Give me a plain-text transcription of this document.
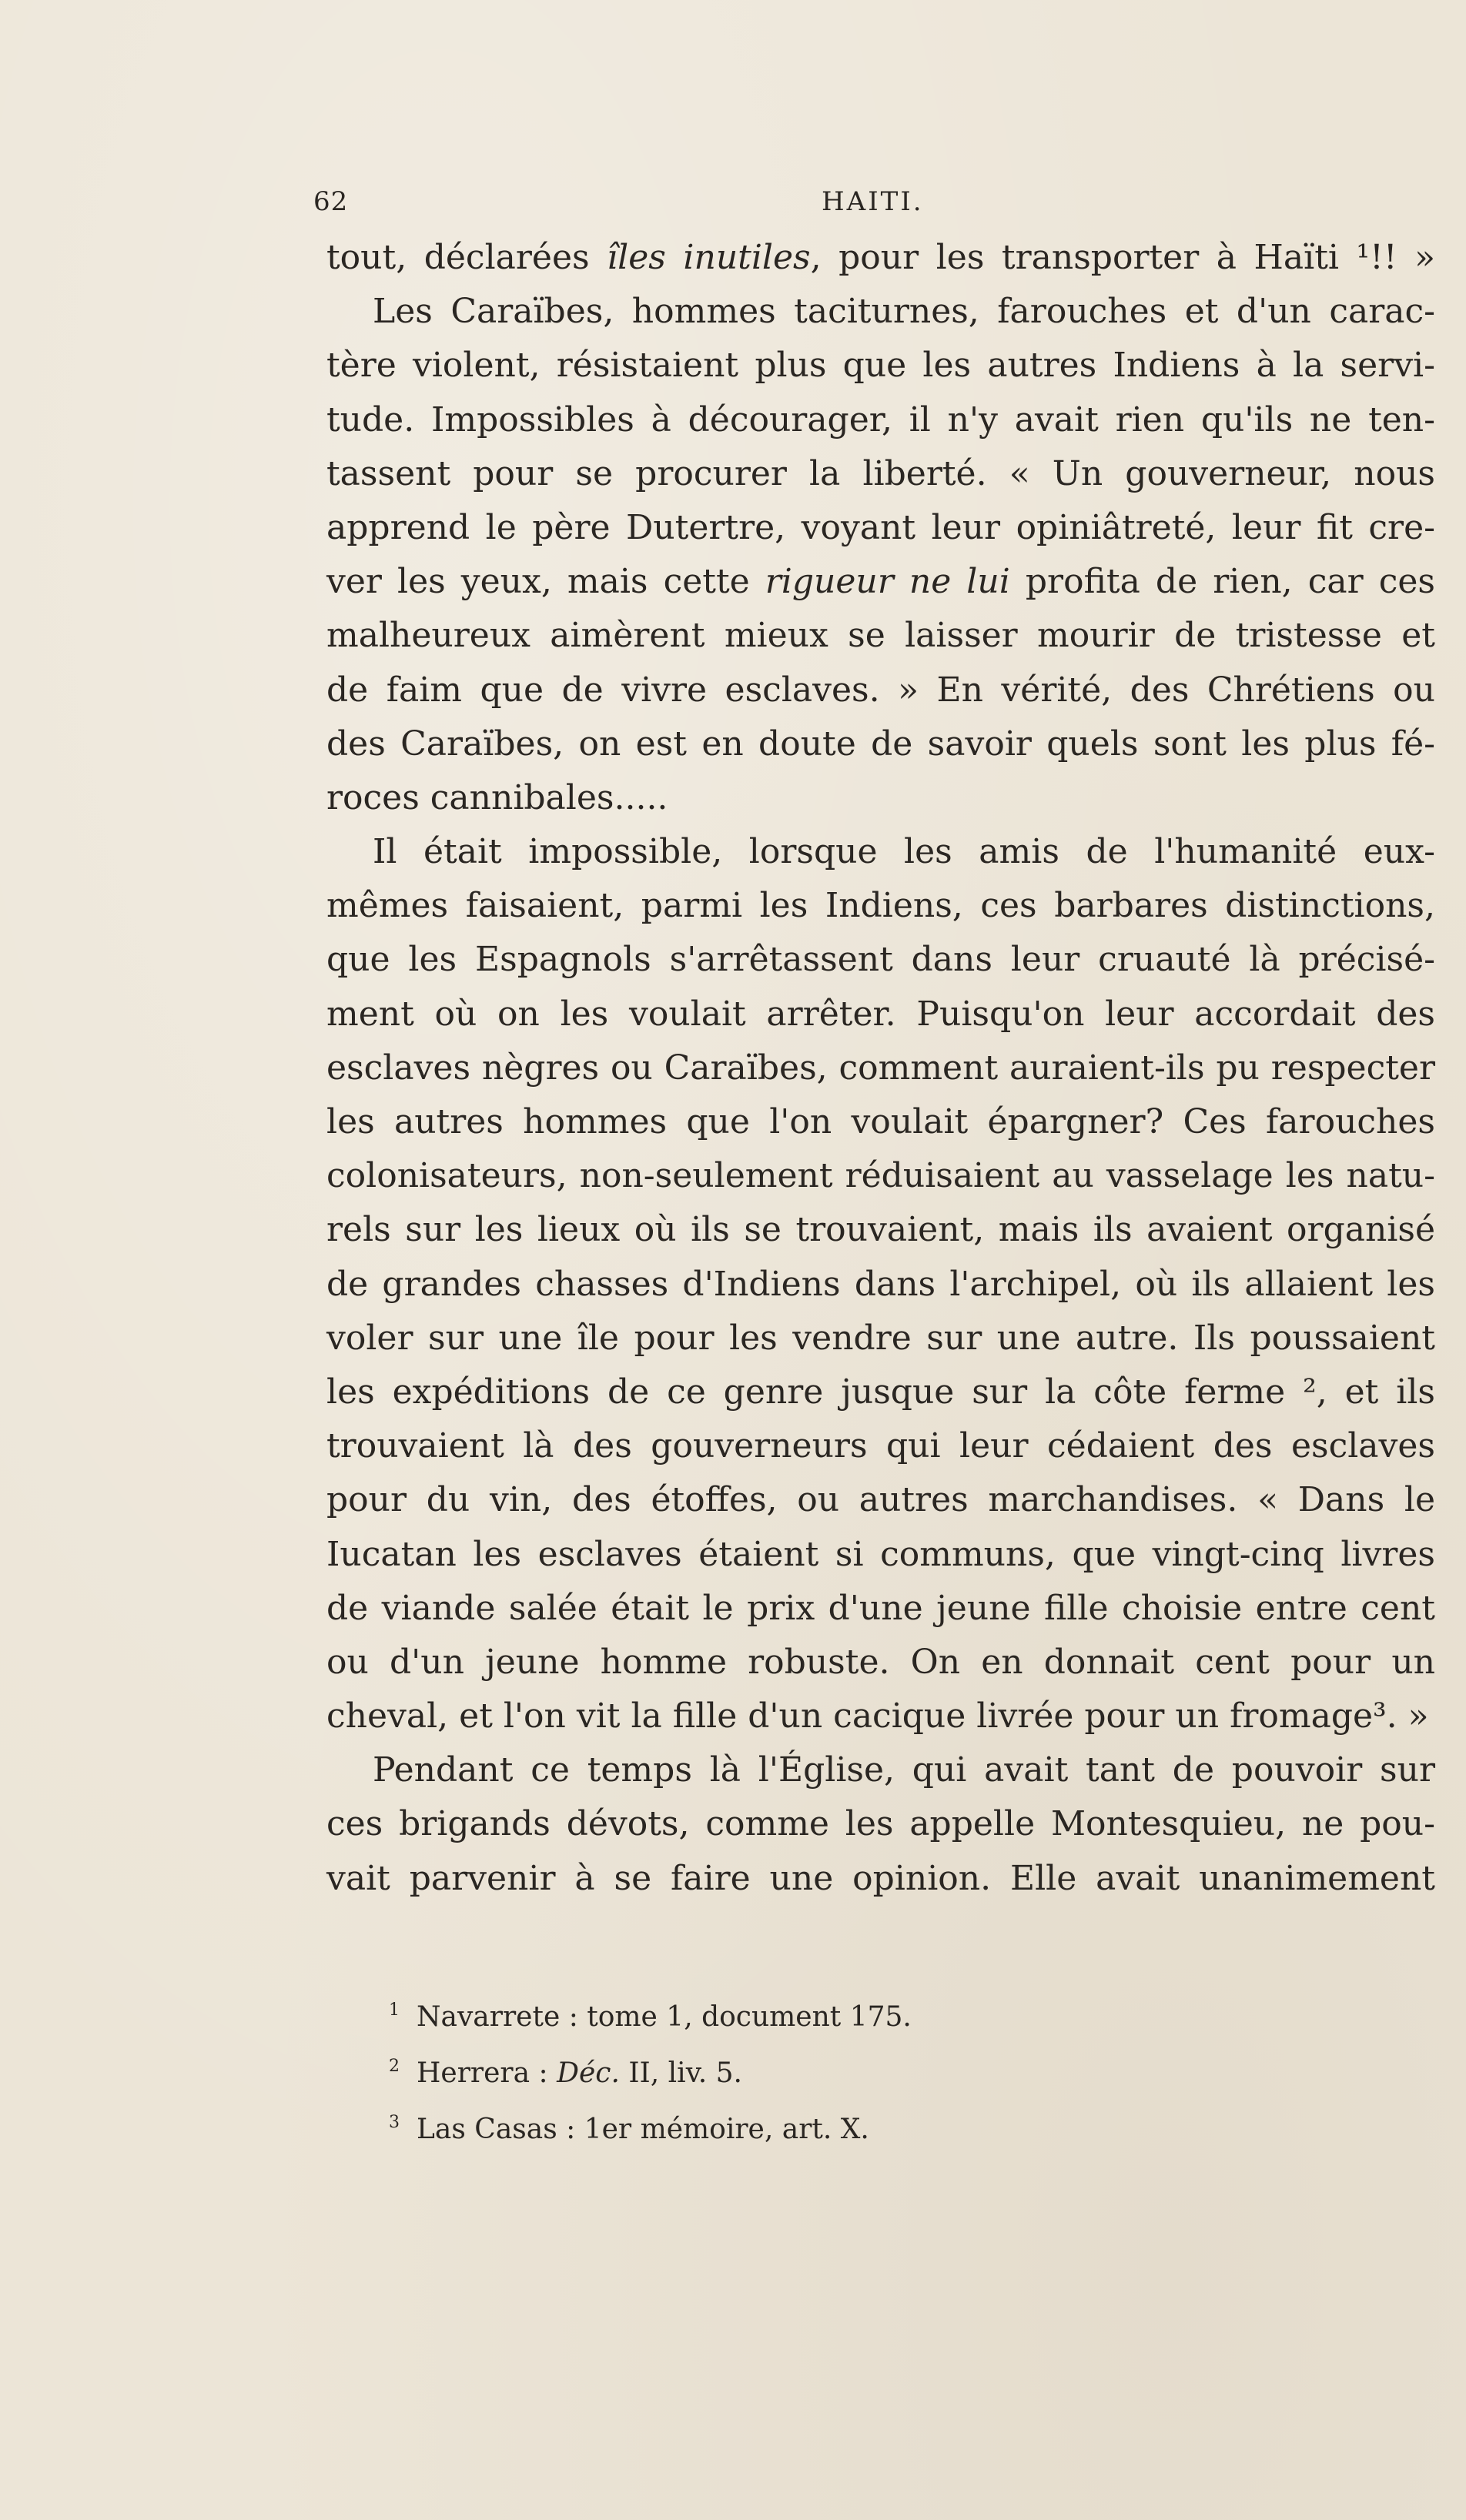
62	HAITI.
tout, déclarées îles inutiles, pour les transporter à Haïti ¹!! »
Les Caraïbes, hommes taciturnes, farouches et d'un carac-
tère violent, résistaient plus que les autres Indiens à la servi-
tude. Impossibles à décourager, il n'y avait rien qu'ils ne ten-
tassent pour se procurer la liberté. « Un gouverneur, nous
apprend le père Dutertre, voyant leur opiniâtreté, leur fit cre-
ver les yeux, mais cette rigueur ne lui profita de rien, car ces
malheureux aimèrent mieux se laisser mourir de tristesse et
de faim que de vivre esclaves. » En vérité, des Chrétiens ou
des Caraïbes, on est en doute de savoir quels sont les plus fé-
roces cannibales.....
Il était impossible, lorsque les amis de l'humanité eux-
mêmes faisaient, parmi les Indiens, ces barbares distinctions,
que les Espagnols s'arrêtassent dans leur cruauté là précisé-
ment où on les voulait arrêter. Puisqu'on leur accordait des
esclaves nègres ou Caraïbes, comment auraient-ils pu respecter
les autres hommes que l'on voulait épargner? Ces farouches
colonisateurs, non-seulement réduisaient au vasselage les natu-
rels sur les lieux où ils se trouvaient, mais ils avaient organisé
de grandes chasses d'Indiens dans l'archipel, où ils allaient les
voler sur une île pour les vendre sur une autre. Ils poussaient
les expéditions de ce genre jusque sur la côte ferme ², et ils
trouvaient là des gouverneurs qui leur cédaient des esclaves
pour du vin, des étoffes, ou autres marchandises. « Dans le
Iucatan les esclaves étaient si communs, que vingt-cinq livres
de viande salée était le prix d'une jeune fille choisie entre cent
ou d'un jeune homme robuste. On en donnait cent pour un
cheval, et l'on vit la fille d'un cacique livrée pour un fromage³. »
Pendant ce temps là l'Église, qui avait tant de pouvoir sur
ces brigands dévots, comme les appelle Montesquieu, ne pou-
vait parvenir à se faire une opinion. Elle avait unanimement
$^1$ Navarrete : tome 1, document 175.
$^2$ Herrera : Déc. II, liv. 5.
$^3$ Las Casas : 1er mémoire, art. X.
